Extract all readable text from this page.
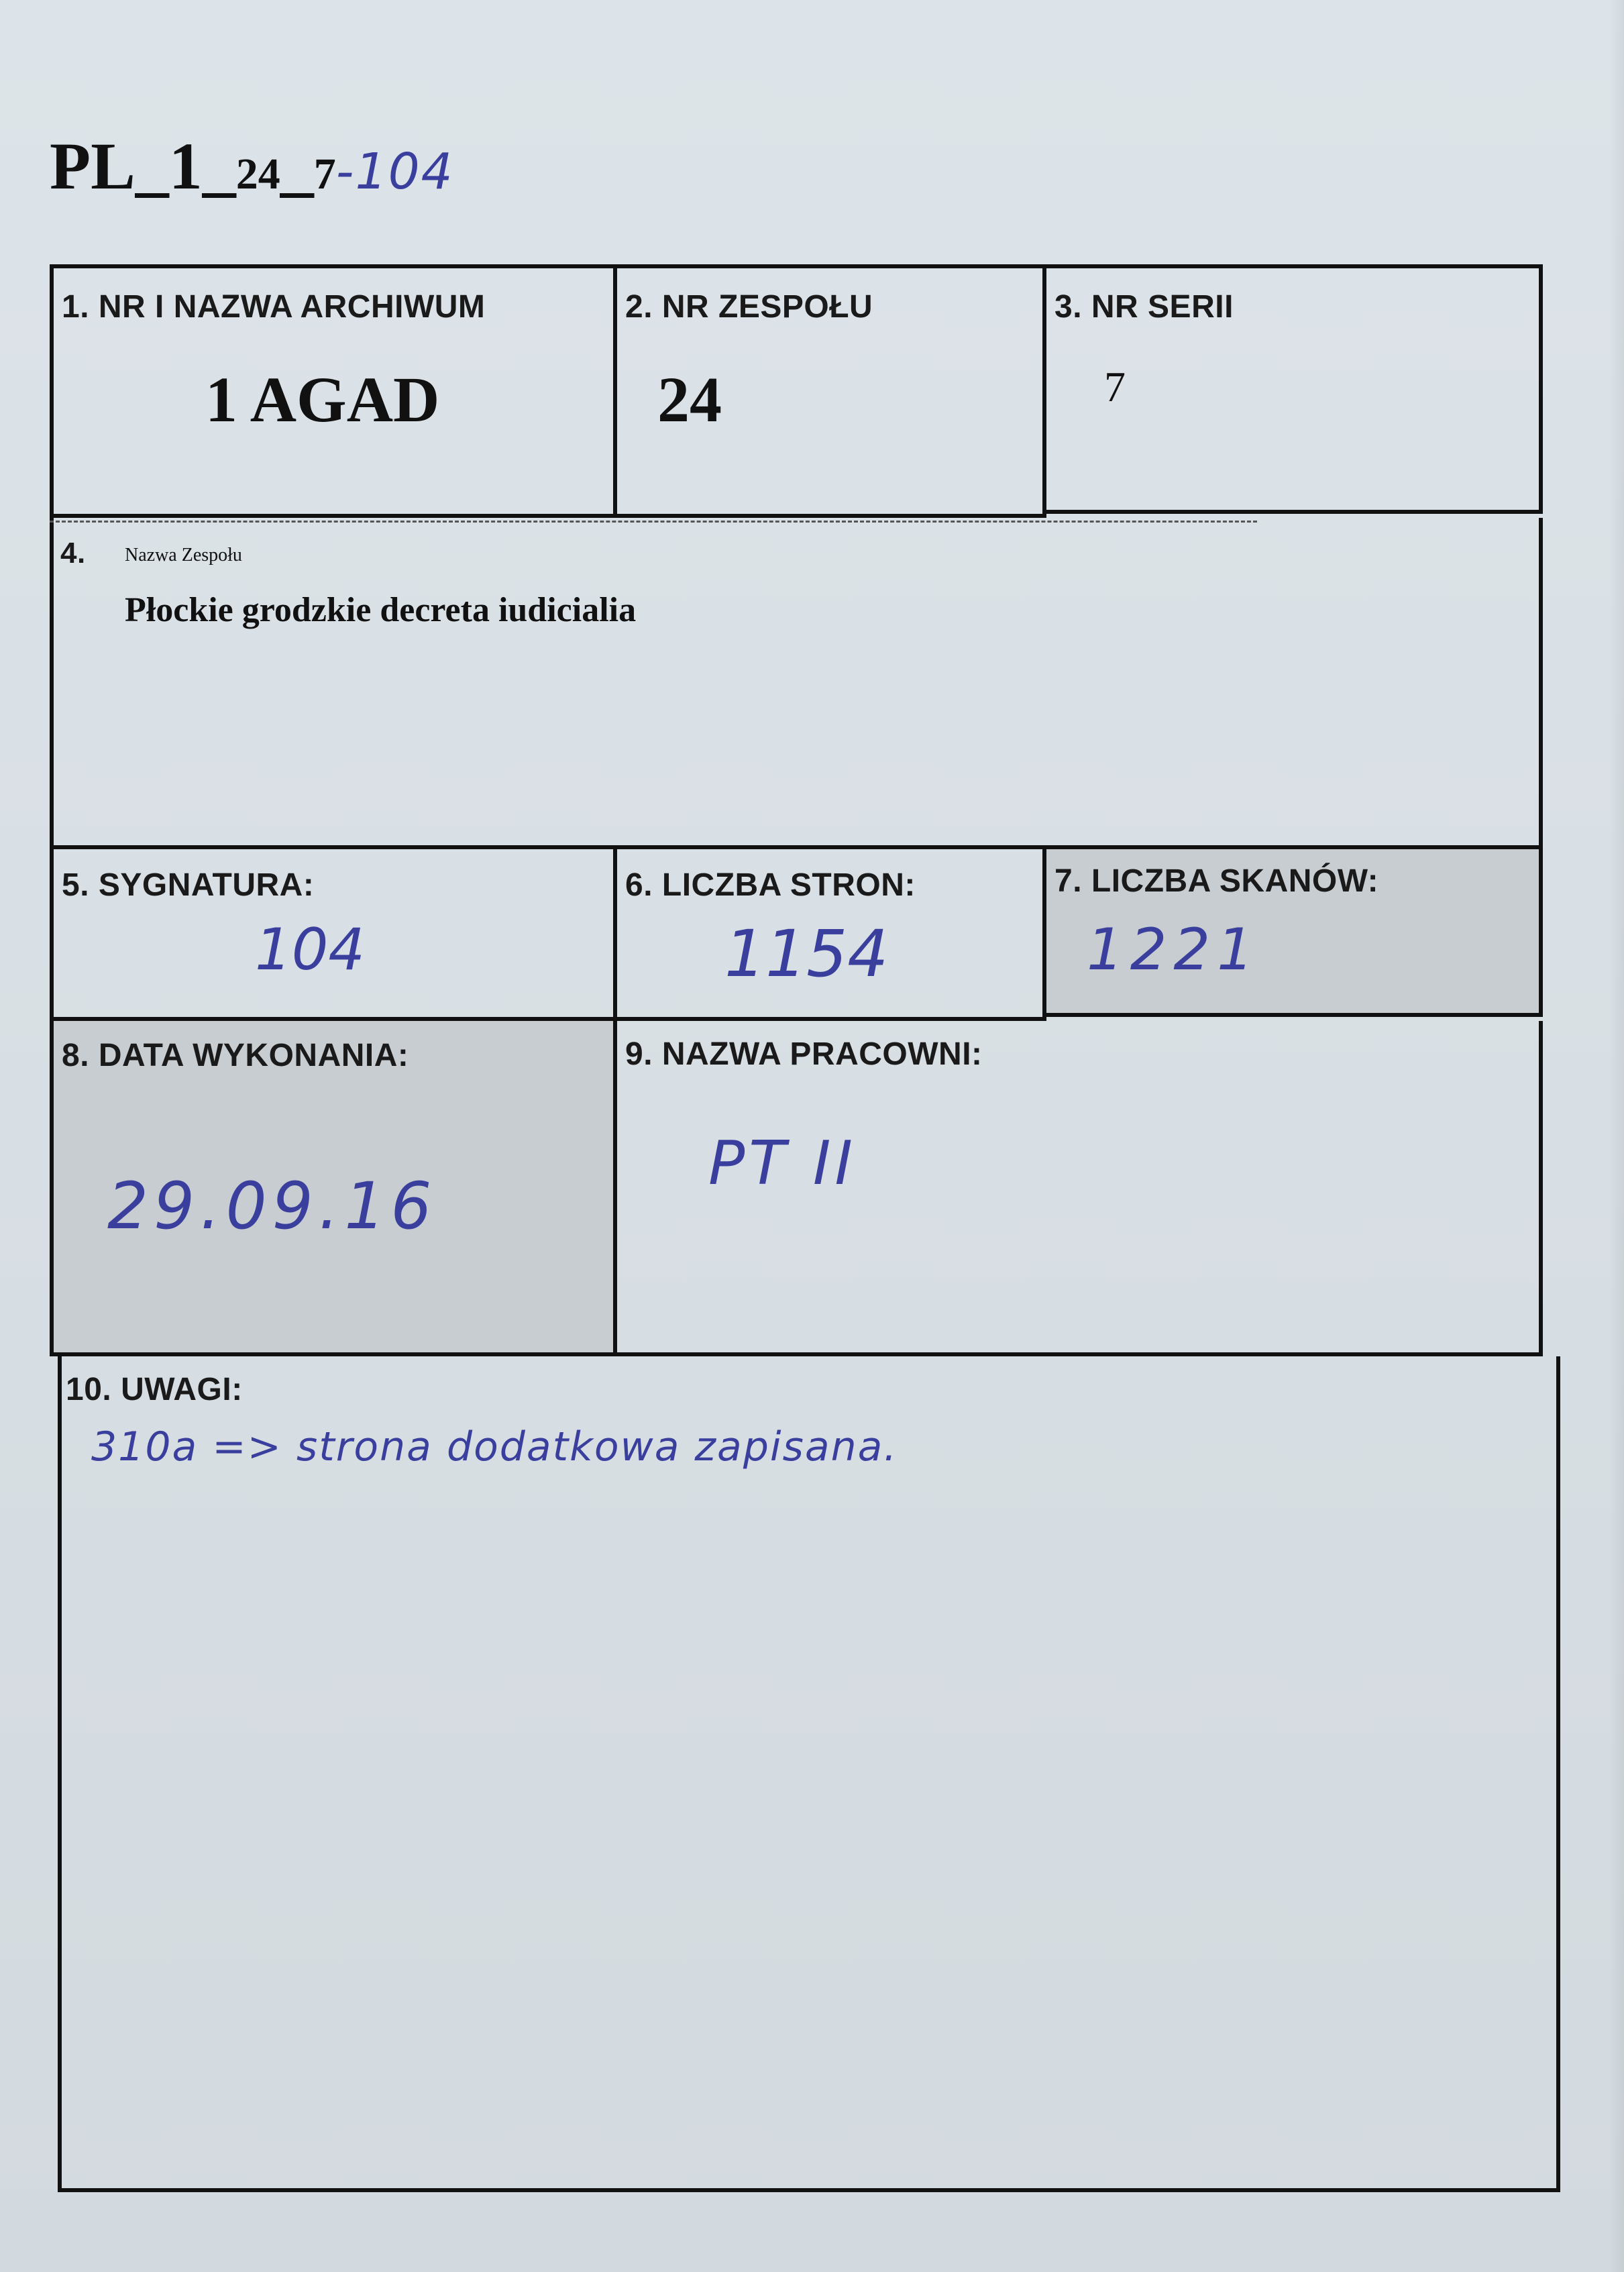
PL_1_24_7-104
1. NR I NAZWA ARCHIWUM
1 AGAD
2. NR ZESPOŁU
24
3. NR SERII
7
4. Nazwa Zespołu
Płockie grodzkie decreta iudicialia
5. SYGNATURA:
104
6. LICZBA STRON:
1154
7. LICZBA SKANÓW:
1221
8. DATA WYKONANIA:
29.09.16
9. NAZWA PRACOWNI:
PT II
10. UWAGI:
310a => strona dodatkowa zapisana.
